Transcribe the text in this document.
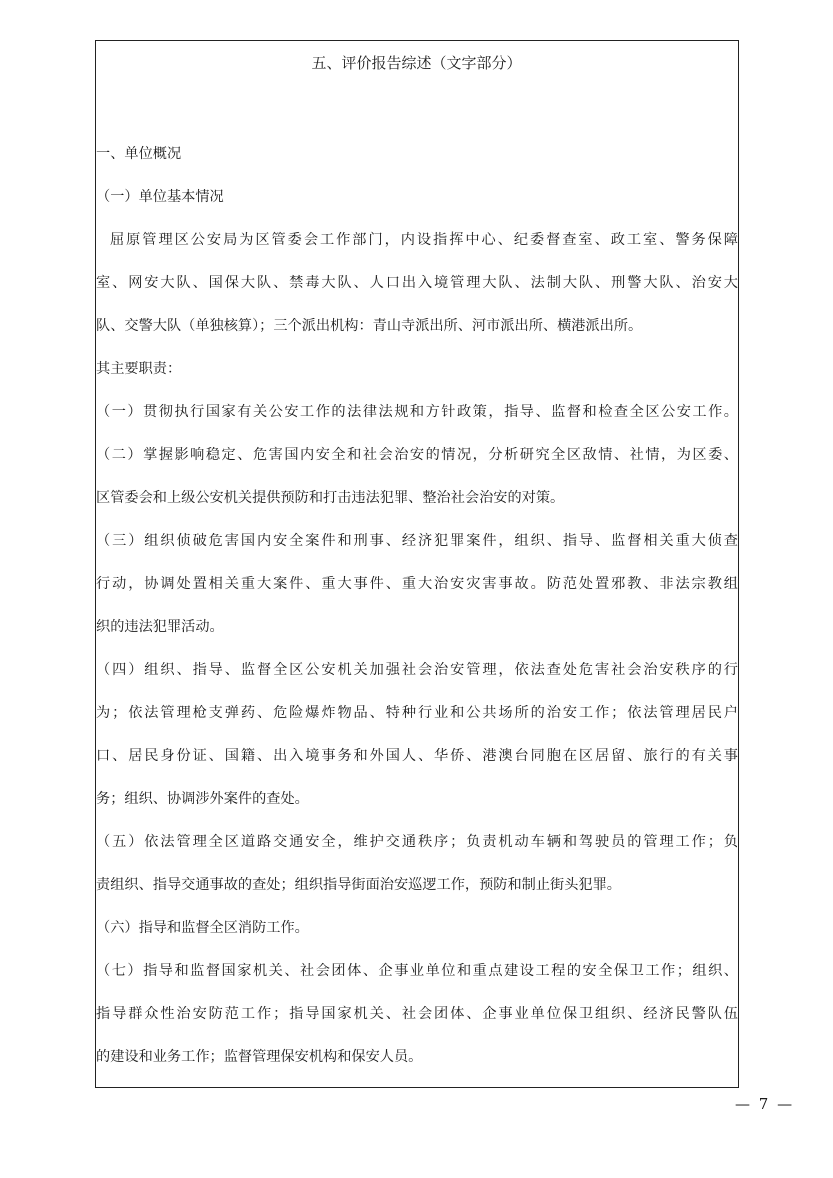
五、评价报告综述（文字部分）
一、单位概况
（一）单位基本情况
屈原管理区公安局为区管委会工作部门，内设指挥中心、纪委督查室、政工室、警务保障
室、网安大队、国保大队、禁毒大队、人口出入境管理大队、法制大队、刑警大队、治安大
队、交警大队（单独核算）；三个派出机构：青山寺派出所、河市派出所、横港派出所。
其主要职责：
（一）贯彻执行国家有关公安工作的法律法规和方针政策，指导、监督和检查全区公安工作。
（二）掌握影响稳定、危害国内安全和社会治安的情况，分析研究全区敌情、社情，为区委、
区管委会和上级公安机关提供预防和打击违法犯罪、整治社会治安的对策。
（三）组织侦破危害国内安全案件和刑事、经济犯罪案件，组织、指导、监督相关重大侦查
行动，协调处置相关重大案件、重大事件、重大治安灾害事故。防范处置邪教、非法宗教组
织的违法犯罪活动。
（四）组织、指导、监督全区公安机关加强社会治安管理，依法查处危害社会治安秩序的行
为；依法管理枪支弹药、危险爆炸物品、特种行业和公共场所的治安工作；依法管理居民户
口、居民身份证、国籍、出入境事务和外国人、华侨、港澳台同胞在区居留、旅行的有关事
务；组织、协调涉外案件的查处。
（五）依法管理全区道路交通安全，维护交通秩序；负责机动车辆和驾驶员的管理工作；负
责组织、指导交通事故的查处；组织指导街面治安巡逻工作，预防和制止街头犯罪。
（六）指导和监督全区消防工作。
（七）指导和监督国家机关、社会团体、企事业单位和重点建设工程的安全保卫工作；组织、
指导群众性治安防范工作；指导国家机关、社会团体、企事业单位保卫组织、经济民警队伍
的建设和业务工作；监督管理保安机构和保安人员。
— 7 —
